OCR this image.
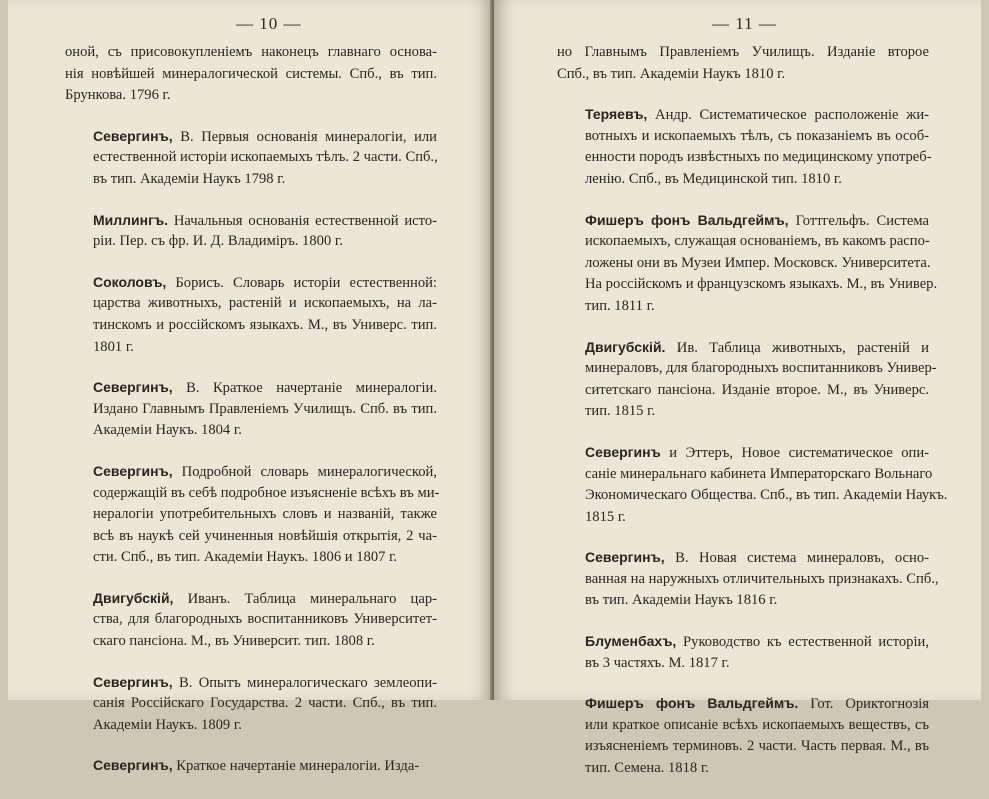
— 10 —
оной, съ присовокупленіемъ наконецъ главнаго основа-
нія новѣйшей минералогической системы. Спб., въ тип.
Брункова. 1796 г.
Севергинъ, В. Первыя основанія минералогіи, или
естественной исторіи ископаемыхъ тѣлъ. 2 части. Спб.,
въ тип. Академіи Наукъ 1798 г.
Миллингъ. Начальныя основанія естественной исто-
ріи. Пер. съ фр. И. Д. Владиміръ. 1800 г.
Соколовъ, Борисъ. Словарь исторіи естественной:
царства животныхъ, растеній и ископаемыхъ, на ла-
тинскомъ и россійскомъ языкахъ. М., въ Универс. тип.
1801 г.
Севергинъ, В. Краткое начертаніе минералогіи.
Издано Главнымъ Правленіемъ Училищъ. Спб. въ тип.
Академіи Наукъ. 1804 г.
Севергинъ, Подробной словарь минералогической,
содержащій въ себѣ подробное изъясненіе всѣхъ въ ми-
нералогіи употребительныхъ словъ и названій, также
всѣ въ наукѣ сей учиненныя новѣйшія открытія, 2 ча-
сти. Спб., въ тип. Академіи Наукъ. 1806 и 1807 г.
Двигубскій, Иванъ. Таблица минеральнаго цар-
ства, для благородныхъ воспитанниковъ Университет-
скаго пансіона. М., въ Университ. тип. 1808 г.
Севергинъ, В. Опытъ минералогическаго землеопи-
санія Россійскаго Государства. 2 части. Спб., въ тип.
Академіи Наукъ. 1809 г.
Севергинъ, Краткое начертаніе минералогіи. Изда-
— 11 —
но Главнымъ Правленіемъ Училищъ. Изданіе второе
Спб., въ тип. Академіи Наукъ 1810 г.
Теряевъ, Андр. Систематическое расположеніе жи-
вотныхъ и ископаемыхъ тѣлъ, съ показаніемъ въ особ-
енности породъ извѣстныхъ по медицинскому употреб-
ленію. Спб., въ Медицинской тип. 1810 г.
Фишеръ фонъ Вальдгеймъ, Готтгельфъ. Система
ископаемыхъ, служащая основаніемъ, въ какомъ распо-
ложены они въ Музеи Импер. Московск. Университета.
На россійскомъ и французскомъ языкахъ. М., въ Универ.
тип. 1811 г.
Двигубскій. Ив. Таблица животныхъ, растеній и
минераловъ, для благородныхъ воспитанниковъ Универ-
ситетскаго пансіона. Изданіе второе. М., въ Универс.
тип. 1815 г.
Севергинъ и Эттеръ, Новое систематическое опи-
саніе минеральнаго кабинета Императорскаго Вольнаго
Экономическаго Общества. Спб., въ тип. Академіи Наукъ.
1815 г.
Севергинъ, В. Новая система минераловъ, осно-
ванная на наружныхъ отличительныхъ признакахъ. Спб.,
въ тип. Академіи Наукъ 1816 г.
Блуменбахъ, Руководство къ естественной исторіи,
въ 3 частяхъ. М. 1817 г.
Фишеръ фонъ Вальдгеймъ. Гот. Ориктогнозія
или краткое описаніе всѣхъ ископаемыхъ веществъ, съ
изъясненіемъ терминовъ. 2 части. Часть первая. М., въ
тип. Семена. 1818 г.
